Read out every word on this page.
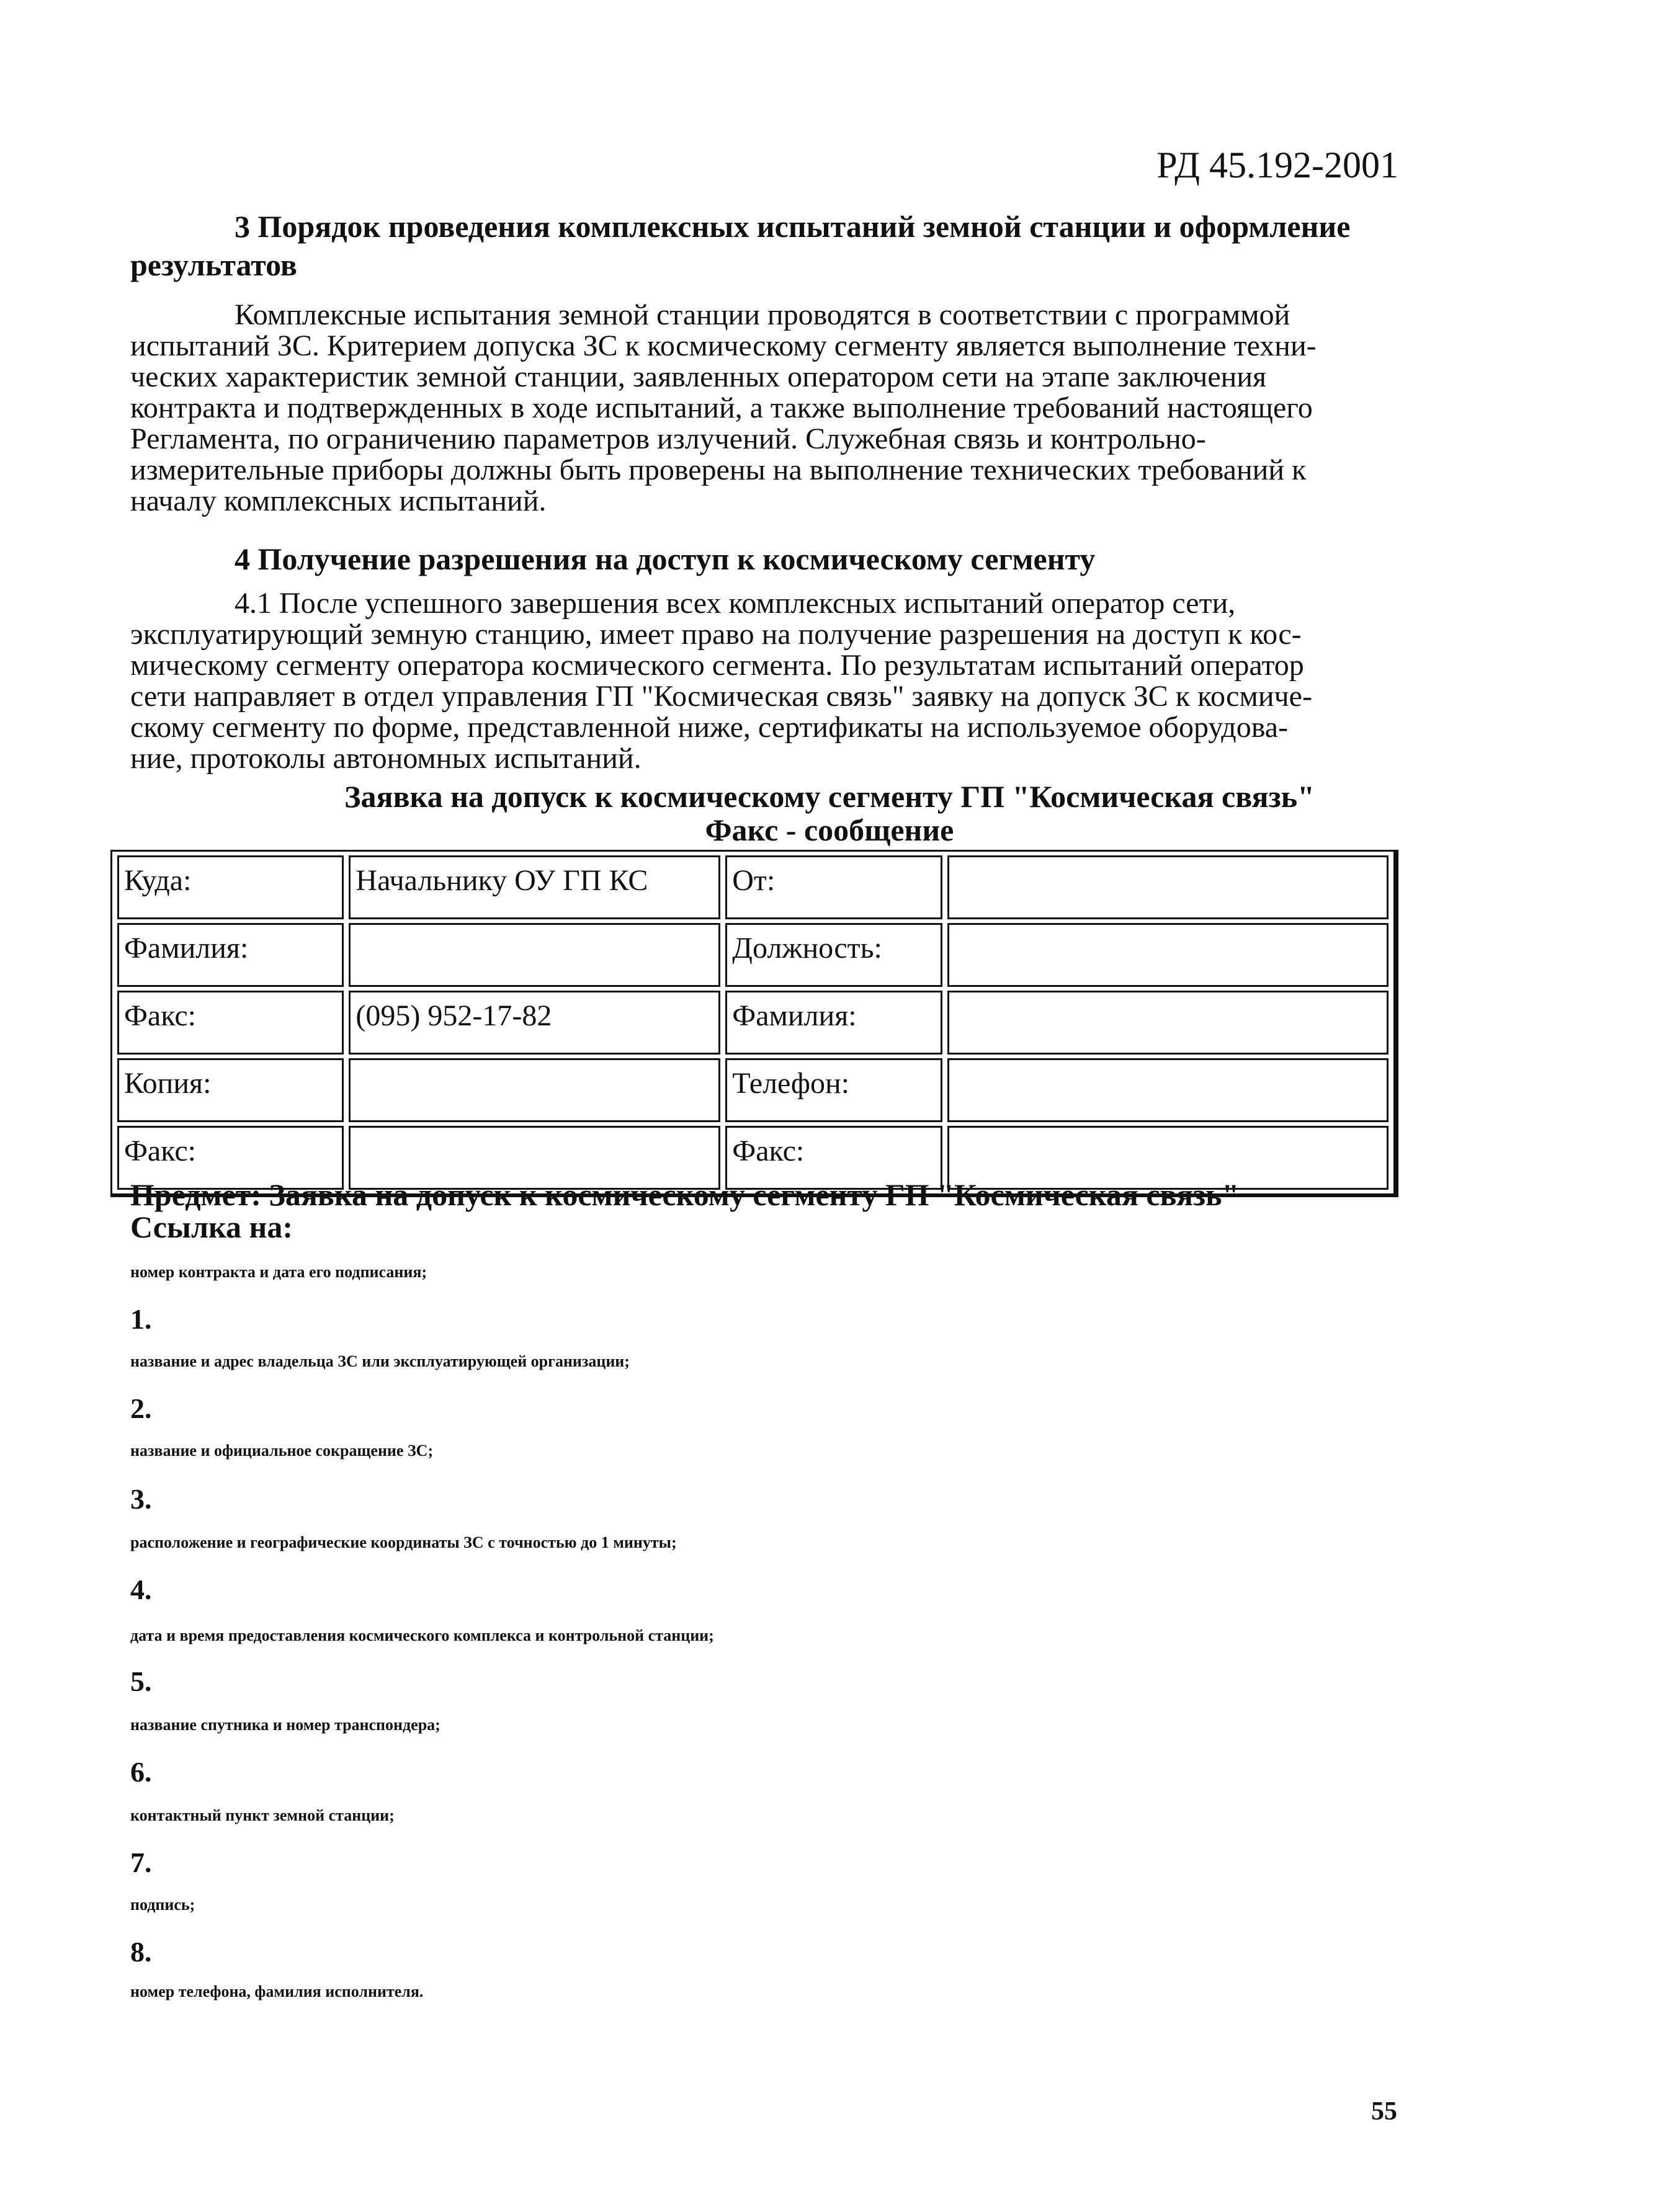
РД 45.192-2001
3 Порядок проведения комплексных испытаний земной станции и оформление
результатов
Комплексные испытания земной станции проводятся в соответствии с программой
испытаний ЗС. Критерием допуска ЗС к космическому сегменту является выполнение техни-
ческих характеристик земной станции, заявленных оператором сети на этапе заключения
контракта и подтвержденных в ходе испытаний, а также выполнение требований настоящего
Регламента, по ограничению параметров излучений. Служебная связь и контрольно-
измерительные приборы должны быть проверены на выполнение технических требований к
началу комплексных испытаний.
4 Получение разрешения на доступ к космическому сегменту
4.1 После успешного завершения всех комплексных испытаний оператор сети,
эксплуатирующий земную станцию, имеет право на получение разрешения на доступ к кос-
мическому сегменту оператора космического сегмента. По результатам испытаний оператор
сети направляет в отдел управления ГП "Космическая связь" заявку на допуск ЗС к космиче-
скому сегменту по форме, представленной ниже, сертификаты на используемое оборудова-
ние, протоколы автономных испытаний.
Заявка на допуск к космическому сегменту ГП "Космическая связь"
Факс - сообщение
Куда:	Начальнику ОУ ГП КС	От:	
Фамилия:		Должность:	
Факс:	(095) 952-17-82	Фамилия:	
Копия:		Телефон:	
Факс:		Факс:	
Предмет: Заявка на допуск к космическому сегменту ГП "Космическая связь"
Ссылка на:
номер контракта и дата его подписания;
1.
название и адрес владельца ЗС или эксплуатирующей организации;
2.
название и официальное сокращение ЗС;
3.
расположение и географические координаты ЗС с точностью до 1 минуты;
4.
дата и время предоставления космического комплекса и контрольной станции;
5.
название спутника и номер транспондера;
6.
контактный пункт земной станции;
7.
подпись;
8.
номер телефона, фамилия исполнителя.
55
